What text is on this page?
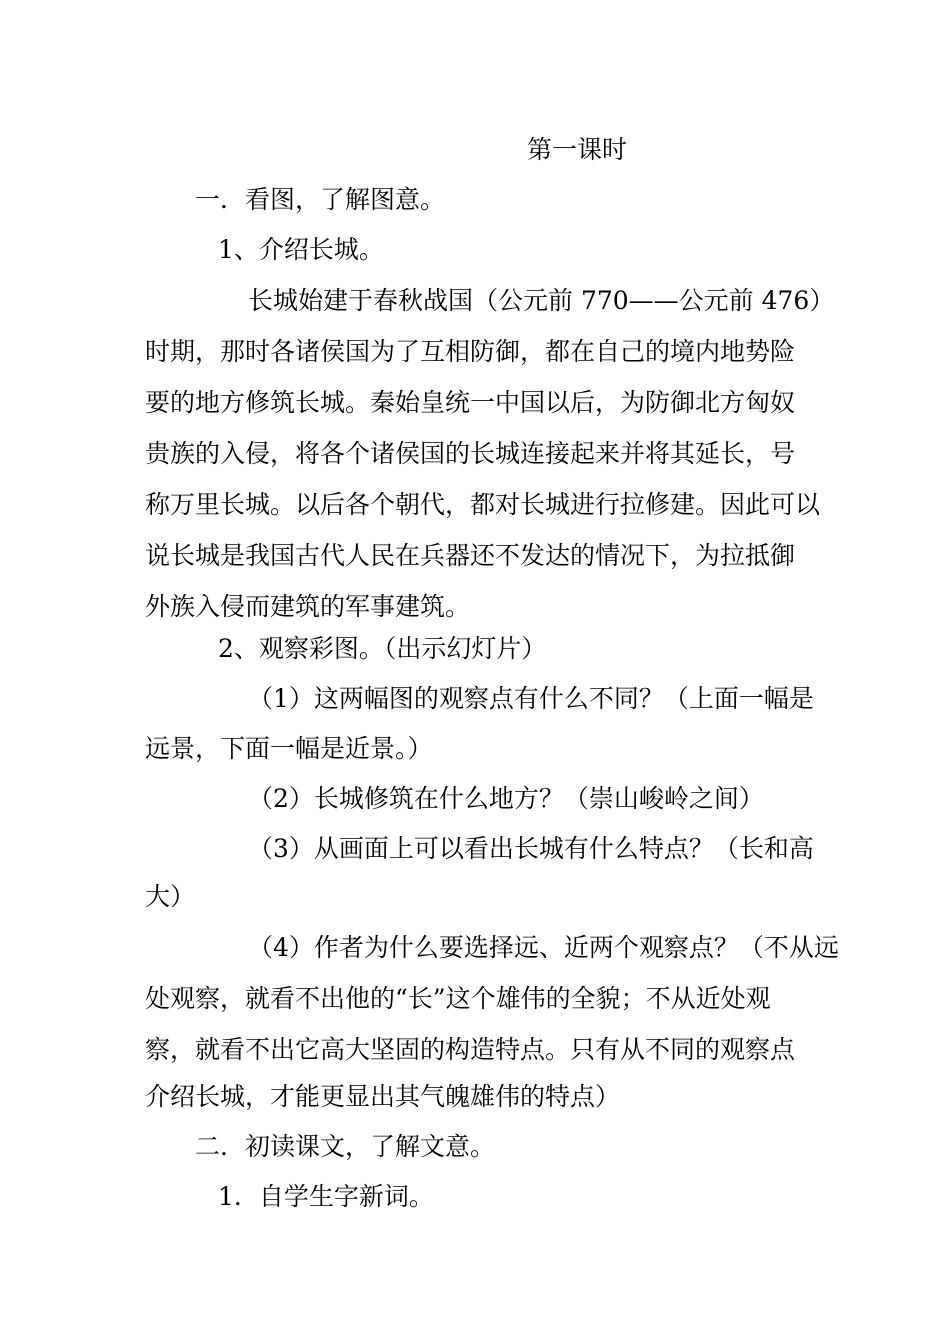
第一课时
一．看图，了解图意。
1、介绍长城。
长城始建于春秋战国（公元前 770——公元前 476）
时期，那时各诸侯国为了互相防御，都在自己的境内地势险
要的地方修筑长城。秦始皇统一中国以后，为防御北方匈奴
贵族的入侵，将各个诸侯国的长城连接起来并将其延长，号
称万里长城。以后各个朝代，都对长城进行拉修建。因此可以
说长城是我国古代人民在兵器还不发达的情况下，为拉抵御
外族入侵而建筑的军事建筑。
2、观察彩图。（出示幻灯片）
（1）这两幅图的观察点有什么不同？（上面一幅是
远景，下面一幅是近景。）
（2）长城修筑在什么地方？（崇山峻岭之间）
（3）从画面上可以看出长城有什么特点？（长和高
大）
（4）作者为什么要选择远、近两个观察点？（不从远
处观察，就看不出他的“长”这个雄伟的全貌；不从近处观
察，就看不出它高大坚固的构造特点。只有从不同的观察点
介绍长城，才能更显出其气魄雄伟的特点）
二．初读课文，了解文意。
1．自学生字新词。
